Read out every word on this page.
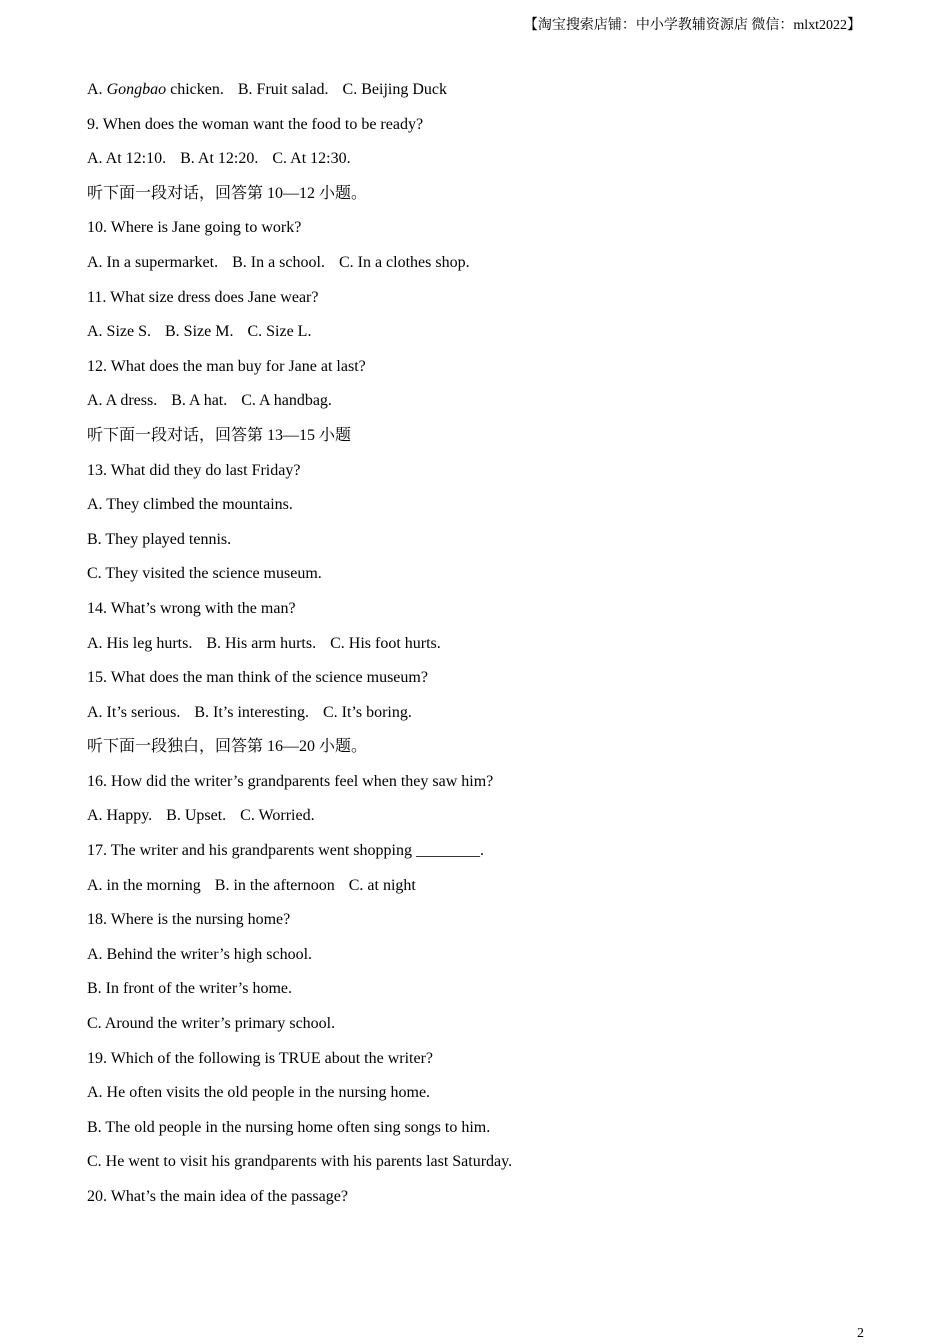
【淘宝搜索店铺：中小学教辅资源店 微信：mlxt2022】
A. Gongbao chicken. B. Fruit salad. C. Beijing Duck
9. When does the woman want the food to be ready?
A. At 12:10. B. At 12:20. C. At 12:30.
听下面一段对话，回答第 10—12 小题。
10. Where is Jane going to work?
A. In a supermarket. B. In a school. C. In a clothes shop.
11. What size dress does Jane wear?
A. Size S. B. Size M. C. Size L.
12. What does the man buy for Jane at last?
A. A dress. B. A hat. C. A handbag.
听下面一段对话，回答第 13—15 小题
13. What did they do last Friday?
A. They climbed the mountains.
B. They played tennis.
C. They visited the science museum.
14. What’s wrong with the man?
A. His leg hurts. B. His arm hurts. C. His foot hurts.
15. What does the man think of the science museum?
A. It’s serious. B. It’s interesting. C. It’s boring.
听下面一段独白，回答第 16—20 小题。
16. How did the writer’s grandparents feel when they saw him?
A. Happy. B. Upset. C. Worried.
17. The writer and his grandparents went shopping ________.
A. in the morning B. in the afternoon C. at night
18. Where is the nursing home?
A. Behind the writer’s high school.
B. In front of the writer’s home.
C. Around the writer’s primary school.
19. Which of the following is TRUE about the writer?
A. He often visits the old people in the nursing home.
B. The old people in the nursing home often sing songs to him.
C. He went to visit his grandparents with his parents last Saturday.
20. What’s the main idea of the passage?
2
